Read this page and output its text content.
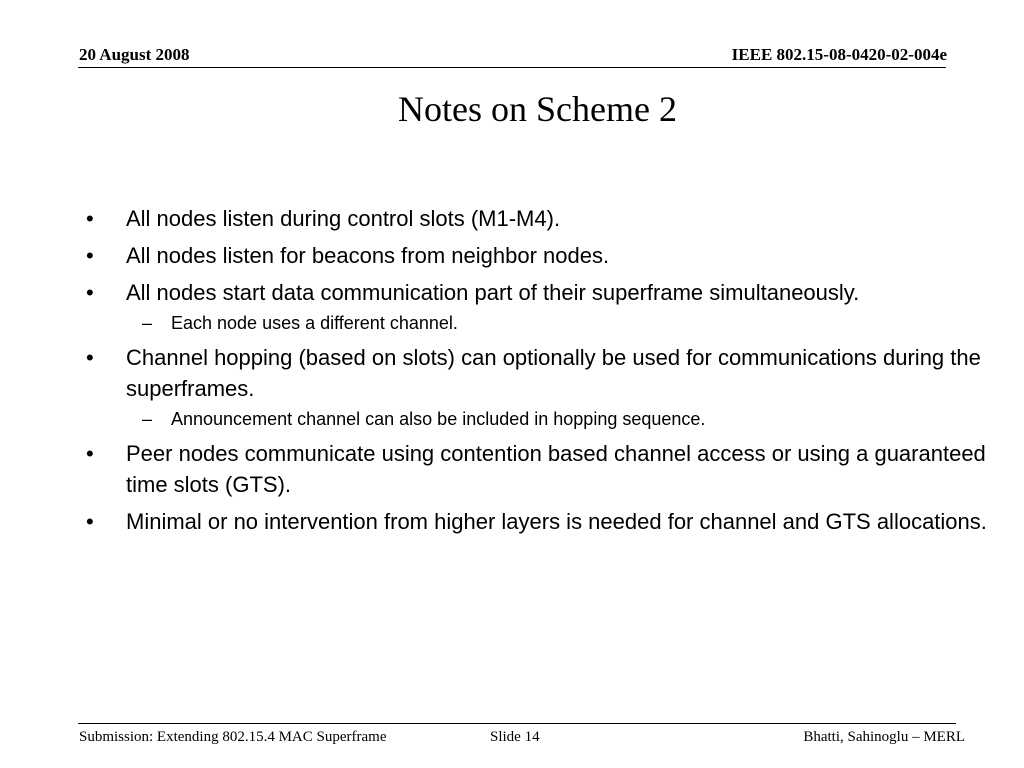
20 August 2008	IEEE 802.15-08-0420-02-004e
Notes on Scheme 2
•	All nodes listen during control slots (M1-M4).
•	All nodes listen for beacons from neighbor nodes.
•	All nodes start data communication part of their superframe simultaneously.
– Each node uses a different channel.
•	Channel hopping (based on slots) can optionally be used for communications during the superframes.
– Announcement channel can also be included in hopping sequence.
•	Peer nodes communicate using contention based channel access or using a guaranteed time slots (GTS).
•	Minimal or no intervention from higher layers is needed for channel and GTS allocations.
Submission: Extending 802.15.4 MAC Superframe	Slide 14	Bhatti, Sahinoglu – MERL
